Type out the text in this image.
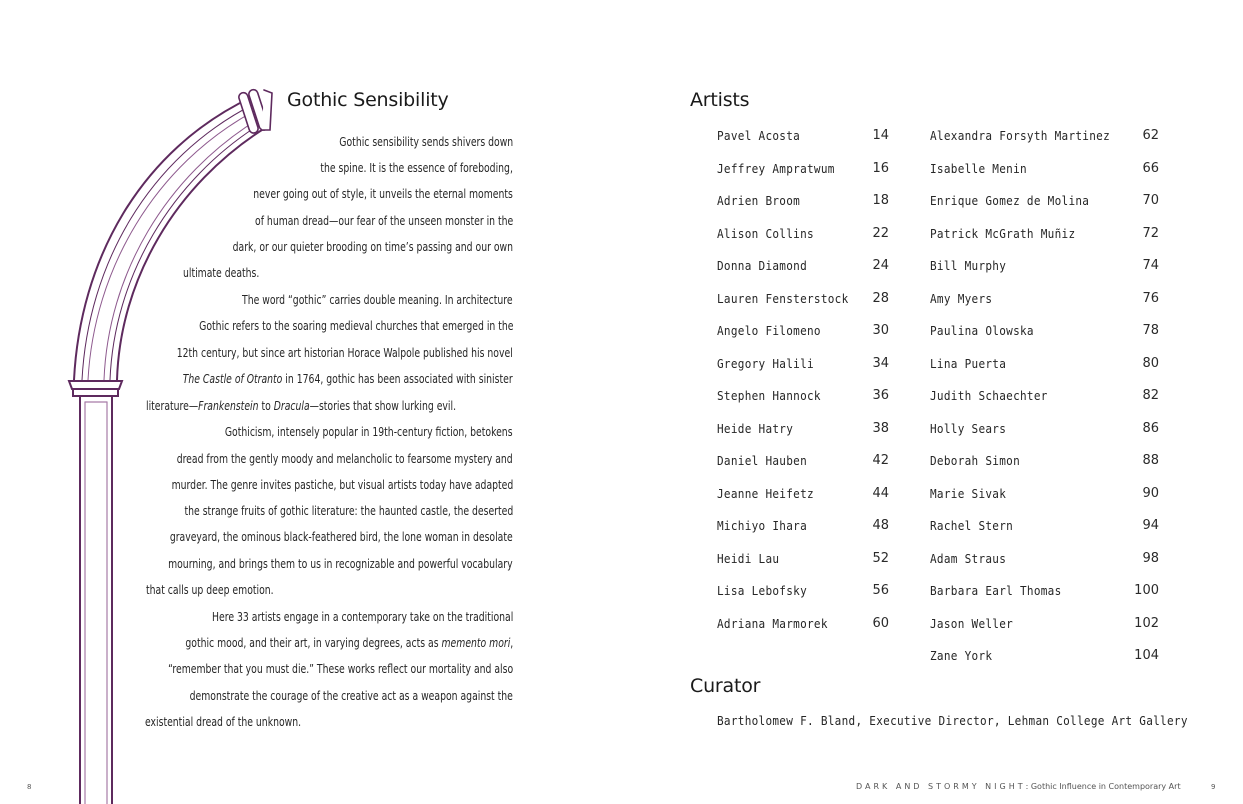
Gothic Sensibility
Gothic sensibility sends shivers down
the spine. It is the essence of foreboding,
never going out of style, it unveils the eternal moments
of human dread—our fear of the unseen monster in the
dark, or our quieter brooding on time’s passing and our own
ultimate deaths.
The word “gothic” carries double meaning. In architecture
Gothic refers to the soaring medieval churches that emerged in the
12th century, but since art historian Horace Walpole published his novel
The Castle of Otranto in 1764, gothic has been associated with sinister
literature—Frankenstein to Dracula—stories that show lurking evil.
Gothicism, intensely popular in 19th-century fiction, betokens
dread from the gently moody and melancholic to fearsome mystery and
murder. The genre invites pastiche, but visual artists today have adapted
the strange fruits of gothic literature: the haunted castle, the deserted
graveyard, the ominous black-feathered bird, the lone woman in desolate
mourning, and brings them to us in recognizable and powerful vocabulary
that calls up deep emotion.
Here 33 artists engage in a contemporary take on the traditional
gothic mood, and their art, in varying degrees, acts as memento mori,
“remember that you must die.” These works reflect our mortality and also
demonstrate the courage of the creative act as a weapon against the
existential dread of the unknown.
8
Artists
Pavel Acosta	14
Jeffrey Ampratwum	16
Adrien Broom	18
Alison Collins	22
Donna Diamond	24
Lauren Fensterstock 28
Angelo Filomeno	30
Gregory Halili	34
Stephen Hannock	36
Heide Hatry	38
Daniel Hauben	42
Jeanne Heifetz	44
Michiyo Ihara	48
Heidi Lau	52
Lisa Lebofsky	56
Adriana Marmorek	60
Alexandra Forsyth Martinez 62
Isabelle Menin	66
Enrique Gomez de Molina	70
Patrick McGrath Muñiz	72
Bill Murphy	74
Amy Myers	76
Paulina Olowska	78
Lina Puerta	80
Judith Schaechter	82
Holly Sears	86
Deborah Simon	88
Marie Sivak	90
Rachel Stern	94
Adam Straus	98
Barbara Earl Thomas	100
Jason Weller	102
Zane York	104
Curator
Bartholomew F. Bland, Executive Director, Lehman College Art Gallery
DARK AND STORMY NIGHT: Gothic Influence in Contemporary Art	9
